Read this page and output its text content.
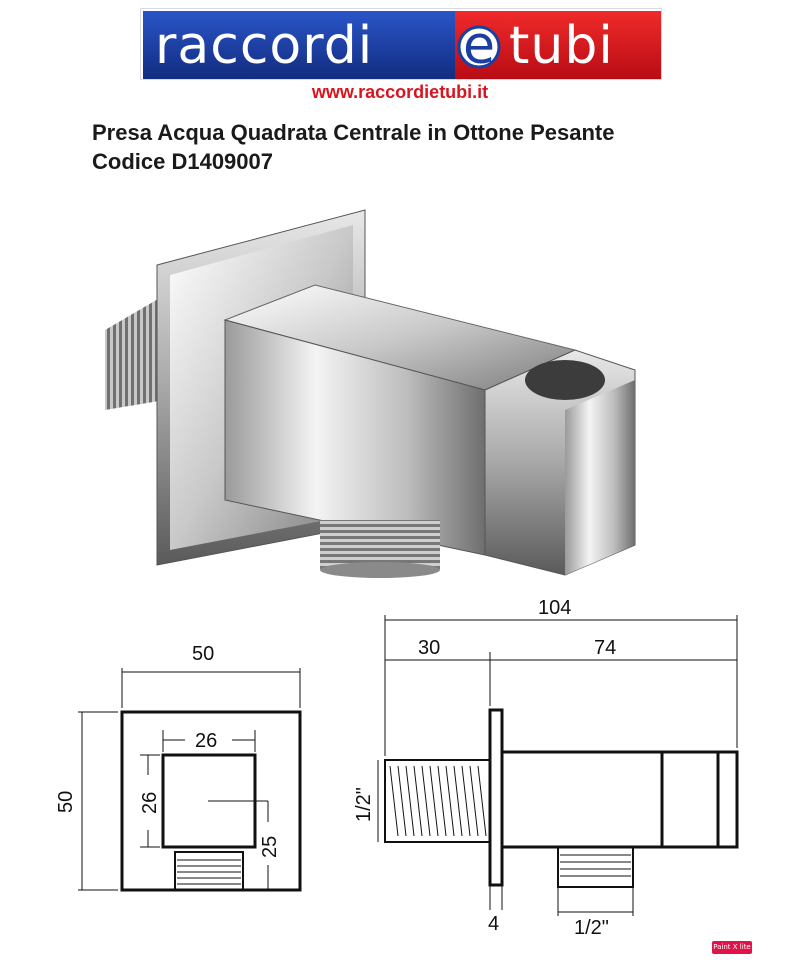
raccordi e tubi
www.raccordietubi.it
Presa Acqua Quadrata Centrale in Ottone Pesante
Codice D1409007
50
50
26
26
25
104
30	74
4
1/2"
1/2"
Paint X lite
